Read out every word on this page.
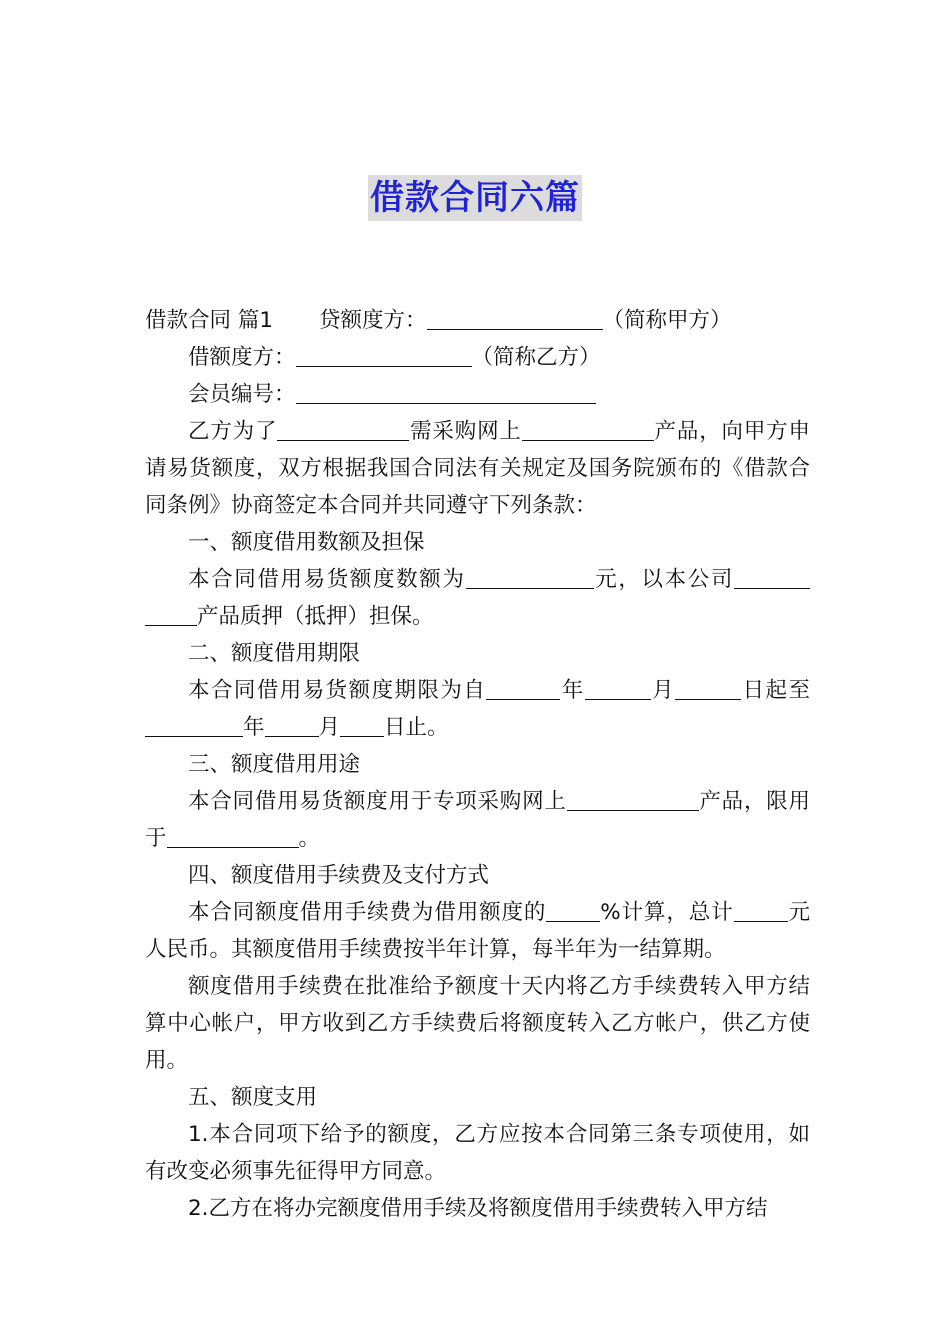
借款合同六篇

借款合同 篇1 贷额度方：	（简称甲方）

借额度方：	（简称乙方）

会员编号：

乙方为了	需采购网上	产品，向甲方申请易货额度，双方根据我国合同法有关规定及国务院颁布的《借款合同条例》协商签定本合同并共同遵守下列条款：

一、额度借用数额及担保

本合同借用易货额度数额为	元，以本公司产品质押（抵押）担保。

二、额度借用期限

本合同借用易货额度期限为自	年	月	日起至年	月 日止。

三、额度借用用途

本合同借用易货额度用于专项采购网上	产品，限用于	。

四、额度借用手续费及支付方式

本合同额度借用手续费为借用额度的	%计算，总计	元人民币。其额度借用手续费按半年计算，每半年为一结算期。

额度借用手续费在批准给予额度十天内将乙方手续费转入甲方结算中心帐户，甲方收到乙方手续费后将额度转入乙方帐户，供乙方使用。

五、额度支用

1.本合同项下给予的额度，乙方应按本合同第三条专项使用，如有改变必须事先征得甲方同意。

2.乙方在将办完额度借用手续及将额度借用手续费转入甲方结
